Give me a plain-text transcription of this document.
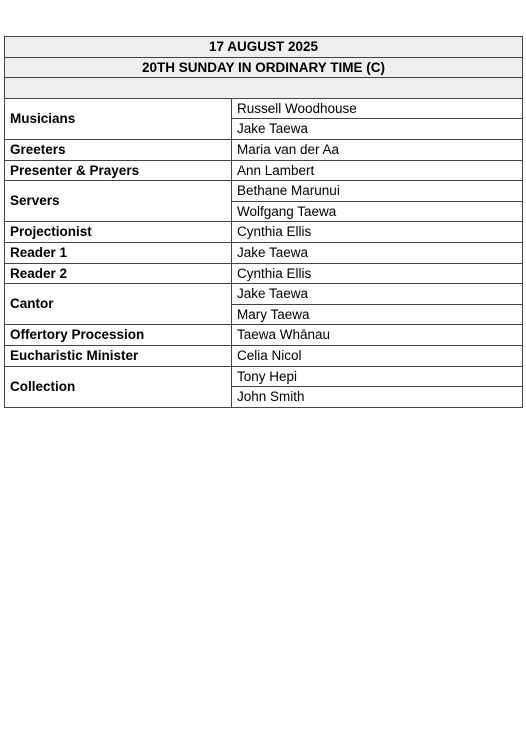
17 AUGUST 2025	
20TH SUNDAY IN ORDINARY TIME (C)	

Musicians	Russell Woodhouse
	Jake Taewa
Greeters	Maria van der Aa
Presenter & Prayers	Ann Lambert
Servers	Bethane Marunui
	Wolfgang Taewa
Projectionist	Cynthia Ellis
Reader 1	Jake Taewa
Reader 2	Cynthia Ellis
Cantor	Jake Taewa
	Mary Taewa
Offertory Procession	Taewa Whānau
Eucharistic Minister	Celia Nicol
Collection	Tony Hepi
	John Smith
